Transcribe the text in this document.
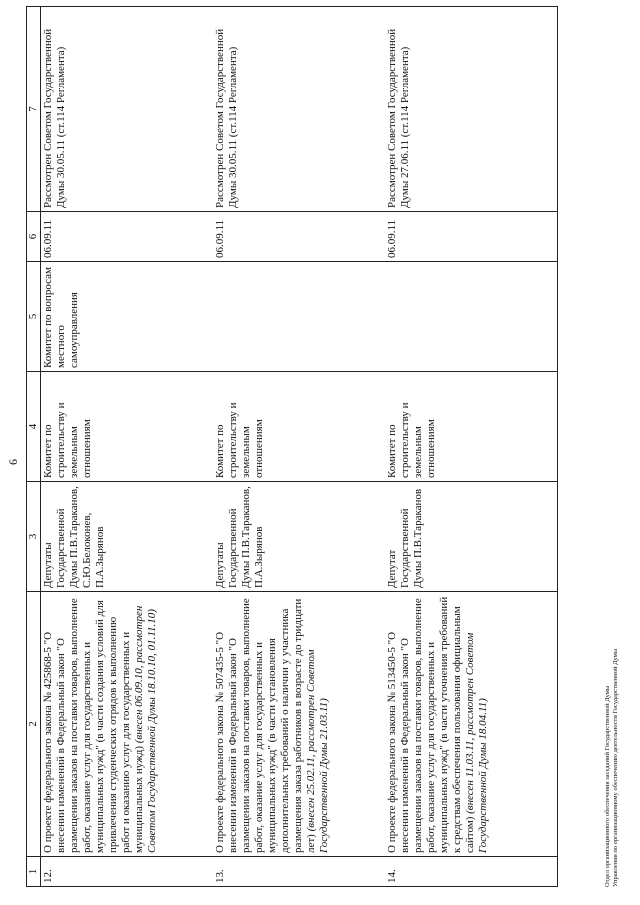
6
1	2	3	4	5	6	7
12.	О проекте федерального закона № 425868-5 "О внесении изменений в Федеральный закон "О размещении заказов на поставки товаров, выполнение работ, оказание услуг для государственных и муниципальных нужд" (в части создания условий для привлечения студенческих отрядов к выполнению работ и оказанию услуг для государственных и муниципальных нужд) (внесен 06.09.10, рассмотрен Советом Государственной Думы 18.10.10, 01.11.10)	Депутаты Государственной Думы П.В.Тараканов, С.Ю.Белоконев, П.А.Зырянов	Комитет по строительству и земельным отношениям	Комитет по вопросам местного самоуправления	06.09.11	Рассмотрен Советом Государственной Думы 30.05.11 (ст.114 Регламента)
13.	О проекте федерального закона № 507435-5 "О внесении изменений в Федеральный закон "О размещении заказов на поставки товаров, выполнение работ, оказание услуг для государственных и муниципальных нужд" (в части установления дополнительных требований о наличии у участника размещения заказа работников в возрасте до тридцати лет) (внесен 25.02.11, рассмотрен Советом Государственной Думы 21.03.11)	Депутаты Государственной Думы П.В.Тараканов, П.А.Зырянов	Комитет по строительству и земельным отношениям		06.09.11	Рассмотрен Советом Государственной Думы 30.05.11 (ст.114 Регламента)
14.	О проекте федерального закона № 513450-5 "О внесении изменений в Федеральный закон "О размещении заказов на поставки товаров, выполнение работ, оказание услуг для государственных и муниципальных нужд" (в части уточнения требований к средствам обеспечения пользования официальным сайтом) (внесен 11.03.11, рассмотрен Советом Государственной Думы 18.04.11)	Депутат Государственной Думы П.В.Тараканов	Комитет по строительству и земельным отношениям		06.09.11	Рассмотрен Советом Государственной Думы 27.06.11 (ст.114 Регламента)
Отдел организационного обеспечения заседаний Государственной Думы Управления по организационному обеспечению деятельности Государственной Думы
